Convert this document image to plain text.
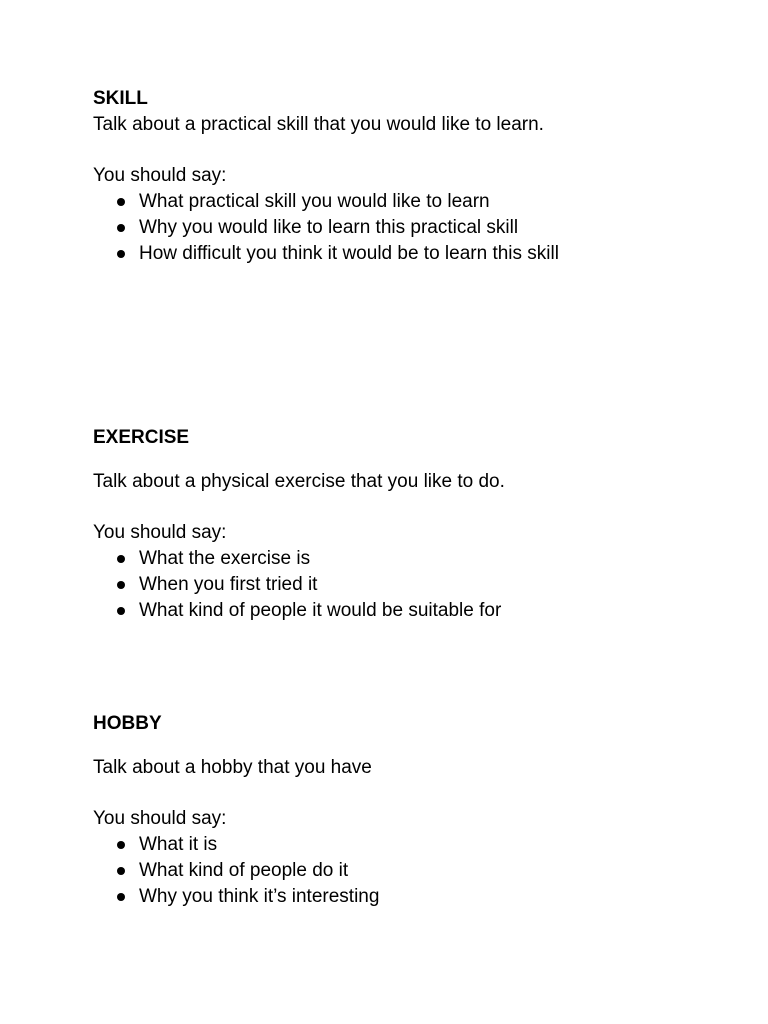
SKILL
Talk about a practical skill that you would like to learn.
You should say:
What practical skill you would like to learn
Why you would like to learn this practical skill
How difficult you think it would be to learn this skill
EXERCISE
Talk about a physical exercise that you like to do.
You should say:
What the exercise is
When you first tried it
What kind of people it would be suitable for
HOBBY
Talk about a hobby that you have
You should say:
What it is
What kind of people do it
Why you think it’s interesting
